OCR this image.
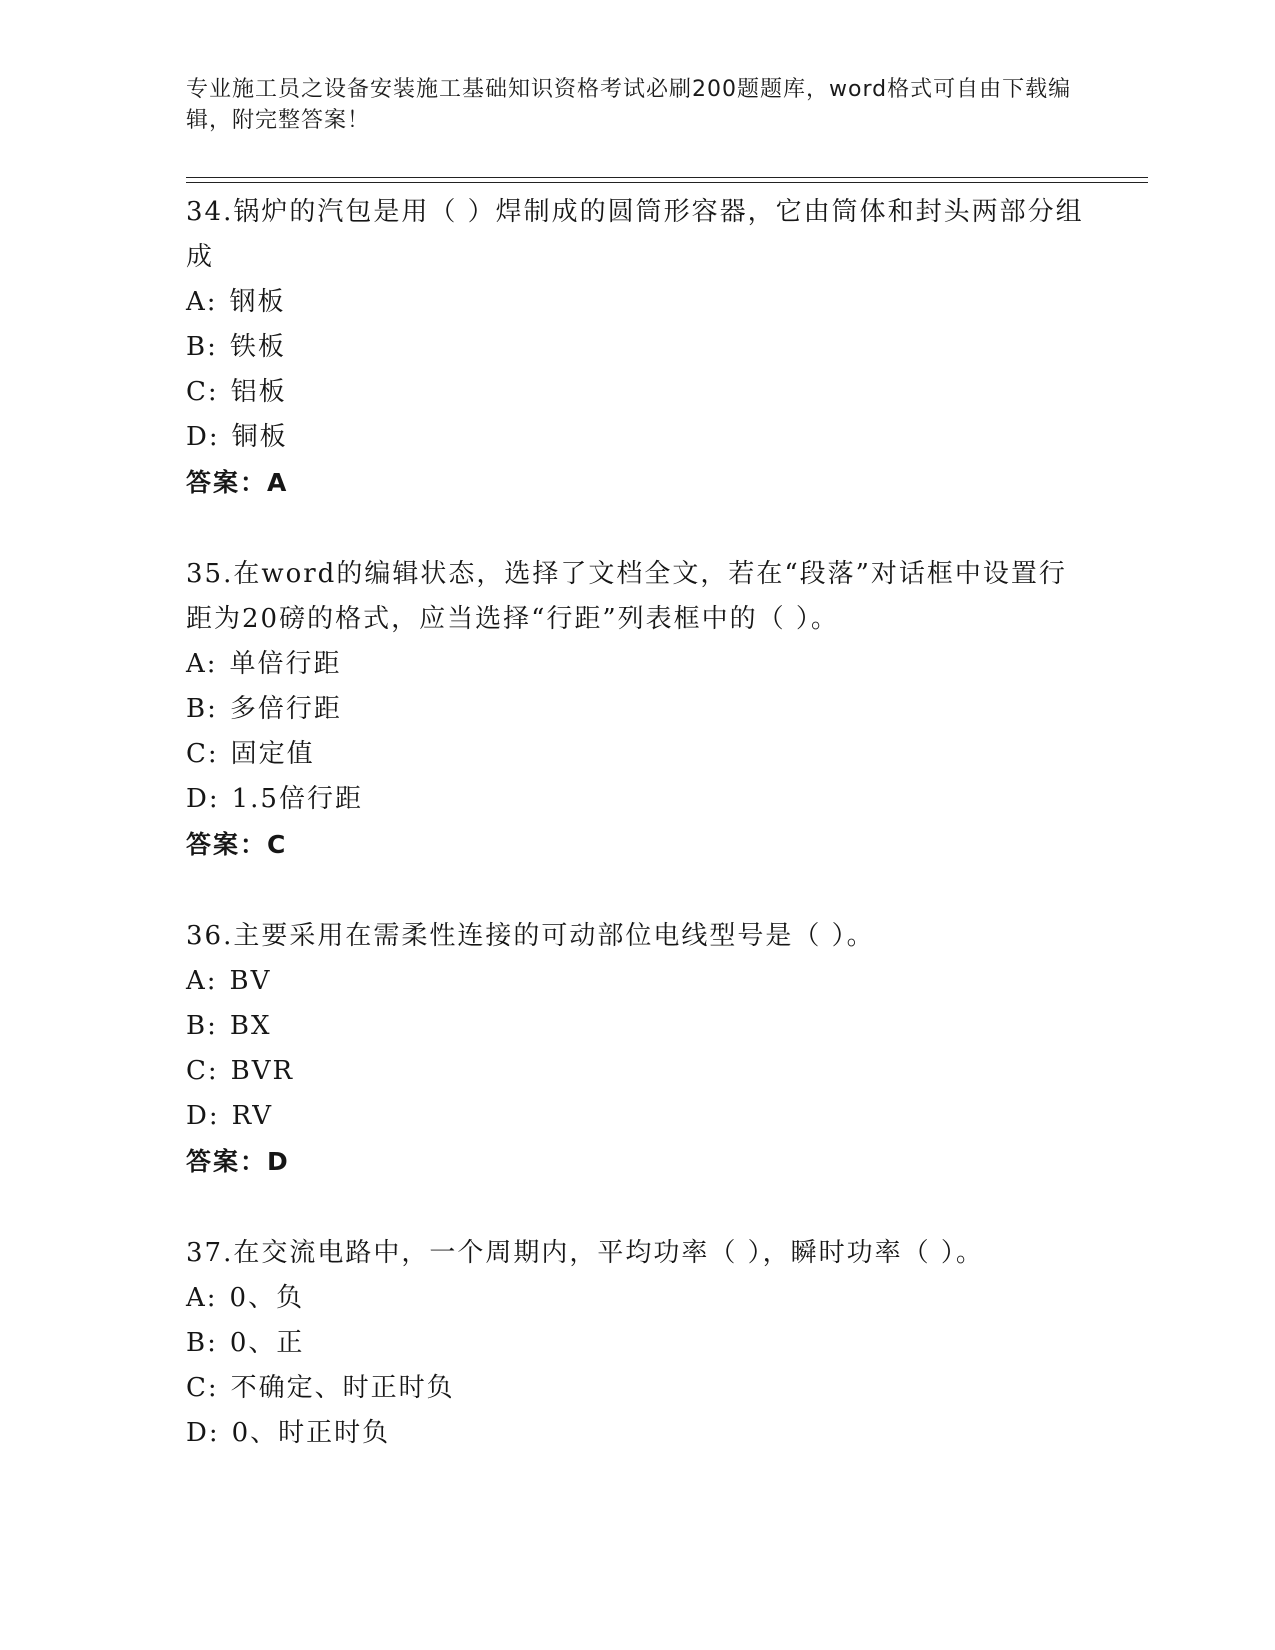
专业施工员之设备安装施工基础知识资格考试必刷200题题库，word格式可自由下载编辑，附完整答案！

34.锅炉的汽包是用（ ）焊制成的圆筒形容器，它由筒体和封头两部分组成

A: 钢板
B: 铁板
C: 铝板
D: 铜板
答案：A

35.在word的编辑状态，选择了文档全文，若在“段落”对话框中设置行距为20磅的格式，应当选择“行距”列表框中的（ ）。

A: 单倍行距
B: 多倍行距
C: 固定值
D: 1.5倍行距
答案：C

36.主要采用在需柔性连接的可动部位电线型号是（ ）。

A: BV
B: BX
C: BVR
D: RV
答案：D

37.在交流电路中，一个周期内，平均功率（ ），瞬时功率（ ）。

A: 0、负
B: 0、正
C: 不确定、时正时负
D: 0、时正时负
